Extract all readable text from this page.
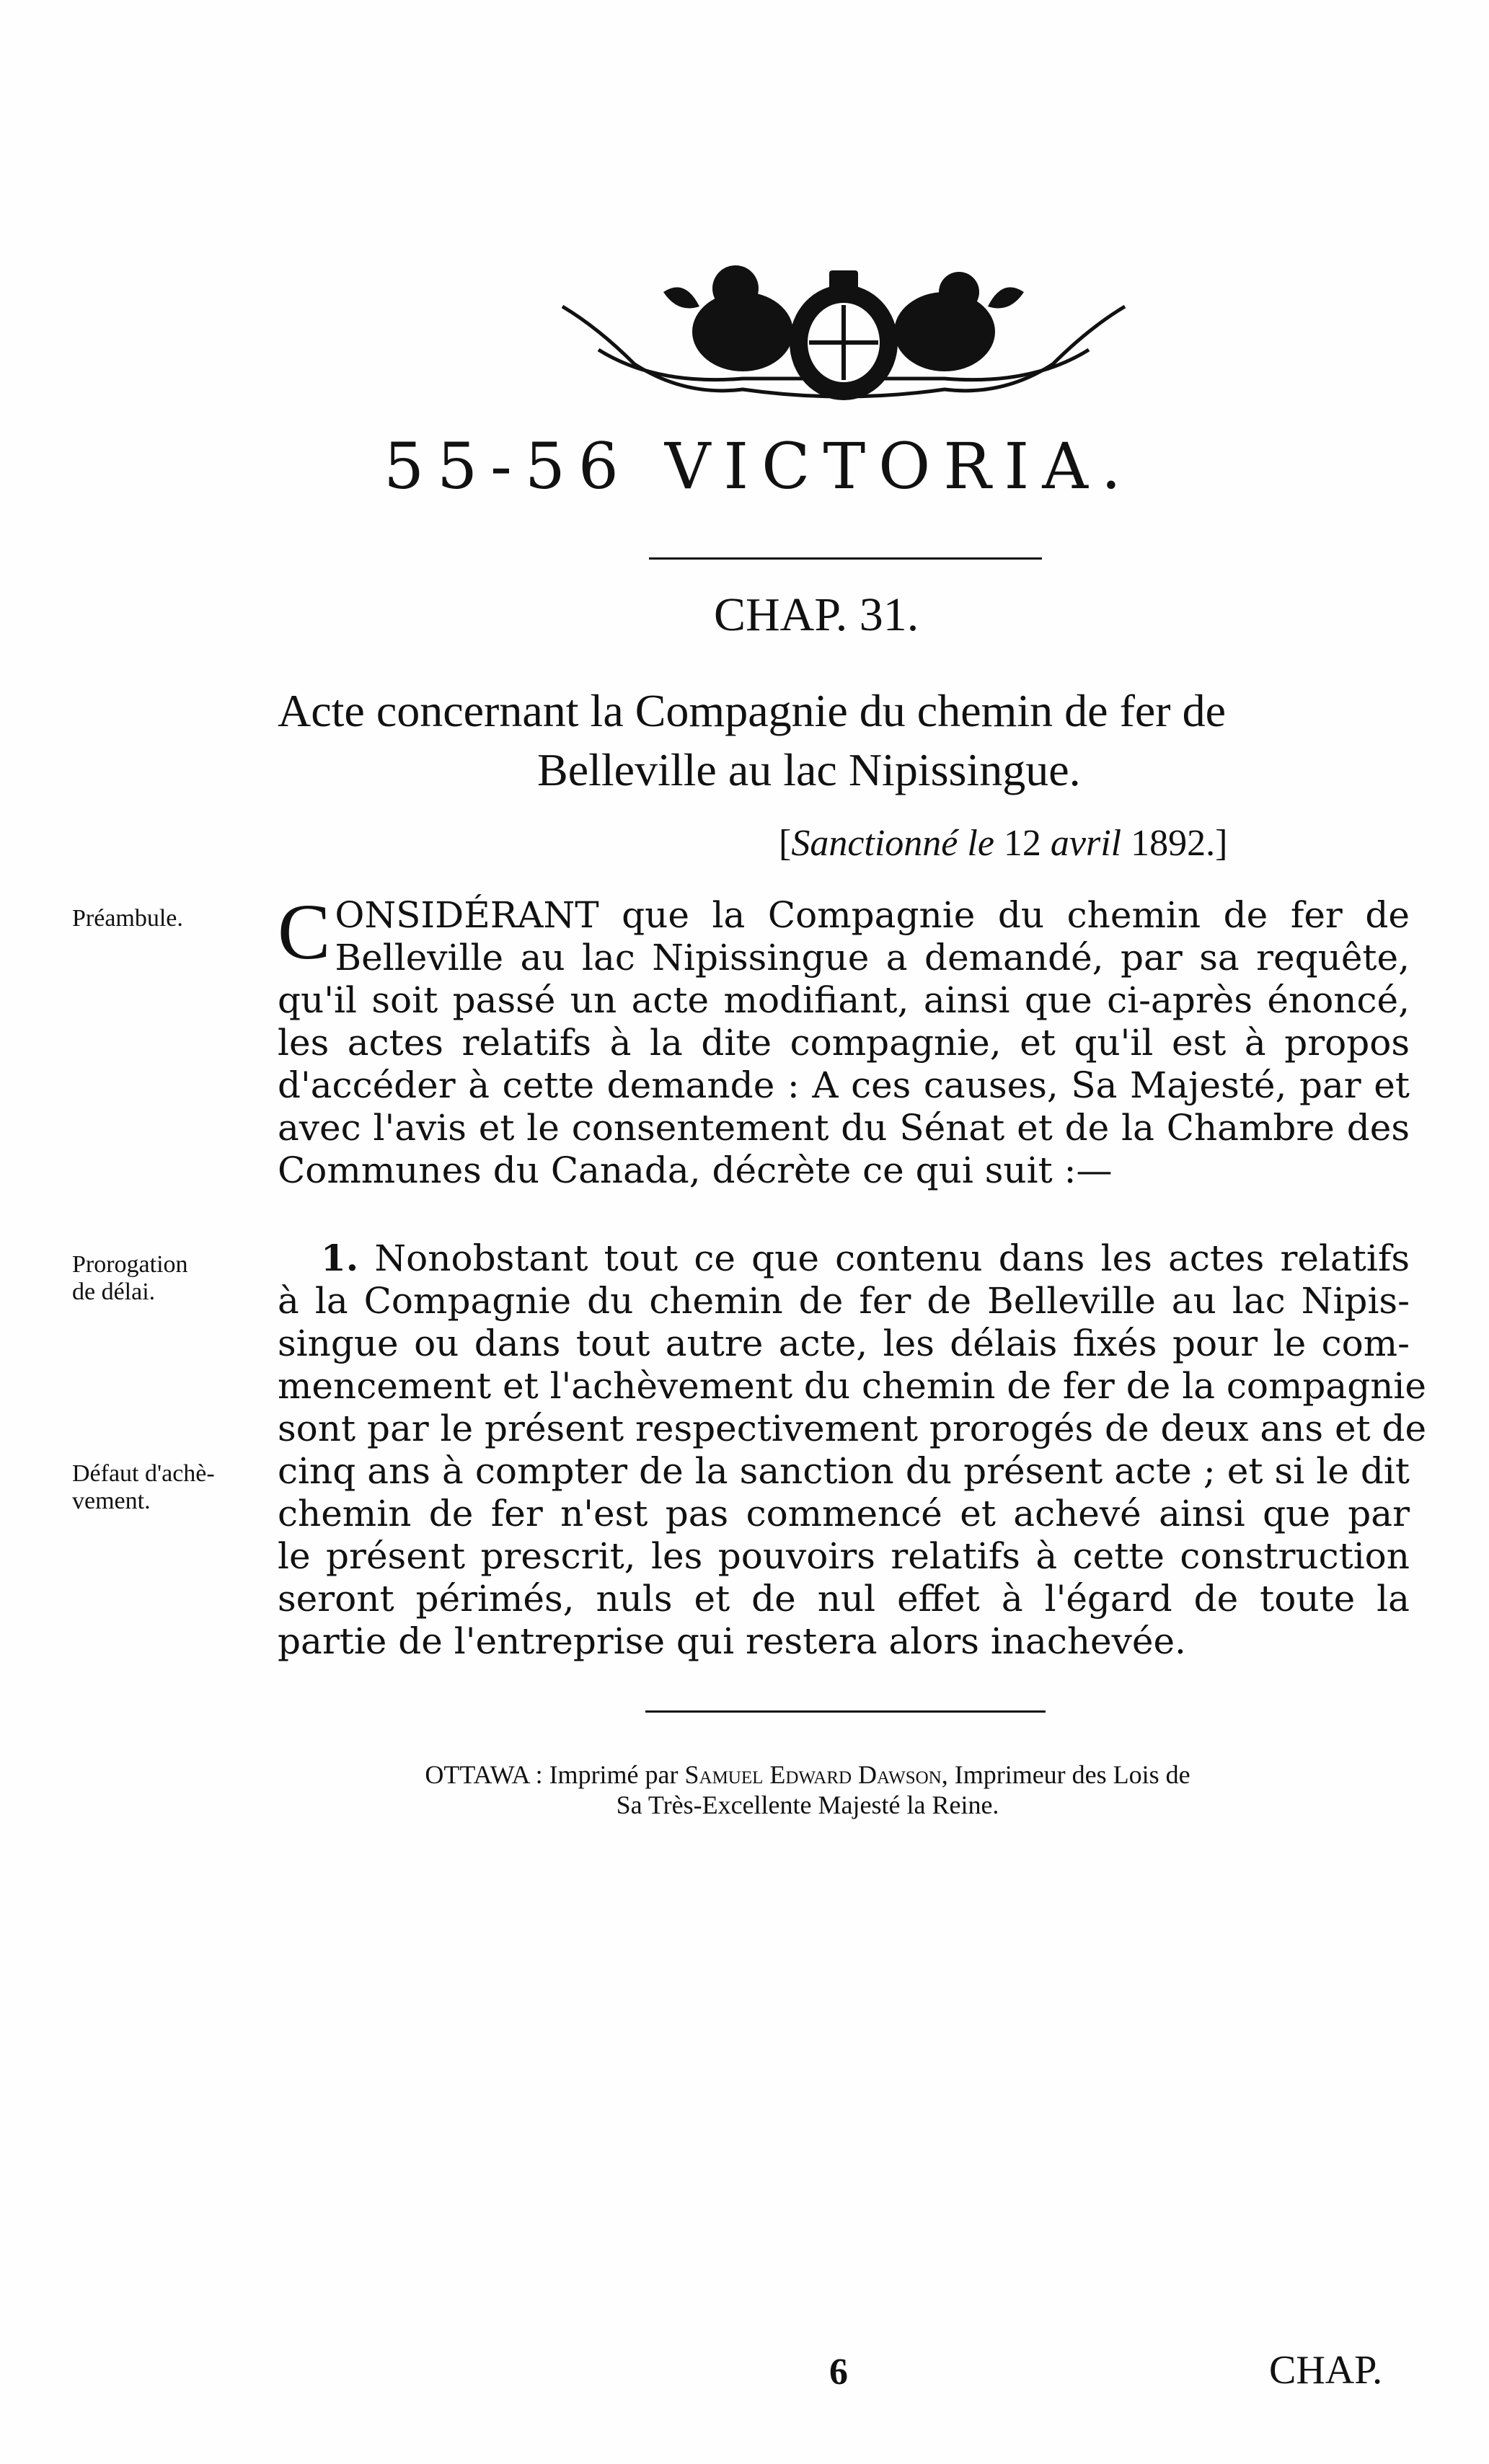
55-56 VICTORIA.
CHAP. 31.
Acte concernant la Compagnie du chemin de fer de
Belleville au lac Nipissingue.
[Sanctionné le 12 avril 1892.]
Préambule.
Prorogation
de délai.
Défaut d'achè-
vement.
C ONSIDÉRANT que la Compagnie du chemin de fer de
Belleville au lac Nipissingue a demandé, par sa requête,
qu'il soit passé un acte modifiant, ainsi que ci-après énoncé,
les actes relatifs à la dite compagnie, et qu'il est à propos
d'accéder à cette demande : A ces causes, Sa Majesté, par et
avec l'avis et le consentement du Sénat et de la Chambre des
Communes du Canada, décrète ce qui suit :—
1. Nonobstant tout ce que contenu dans les actes relatifs
à la Compagnie du chemin de fer de Belleville au lac Nipis-
singue ou dans tout autre acte, les délais fixés pour le com-
mencement et l'achèvement du chemin de fer de la compagnie
sont par le présent respectivement prorogés de deux ans et de
cinq ans à compter de la sanction du présent acte ; et si le dit
chemin de fer n'est pas commencé et achevé ainsi que par
le présent prescrit, les pouvoirs relatifs à cette construction
seront périmés, nuls et de nul effet à l'égard de toute la
partie de l'entreprise qui restera alors inachevée.
OTTAWA : Imprimé par Samuel Edward Dawson, Imprimeur des Lois de
Sa Très-Excellente Majesté la Reine.
6	CHAP.
